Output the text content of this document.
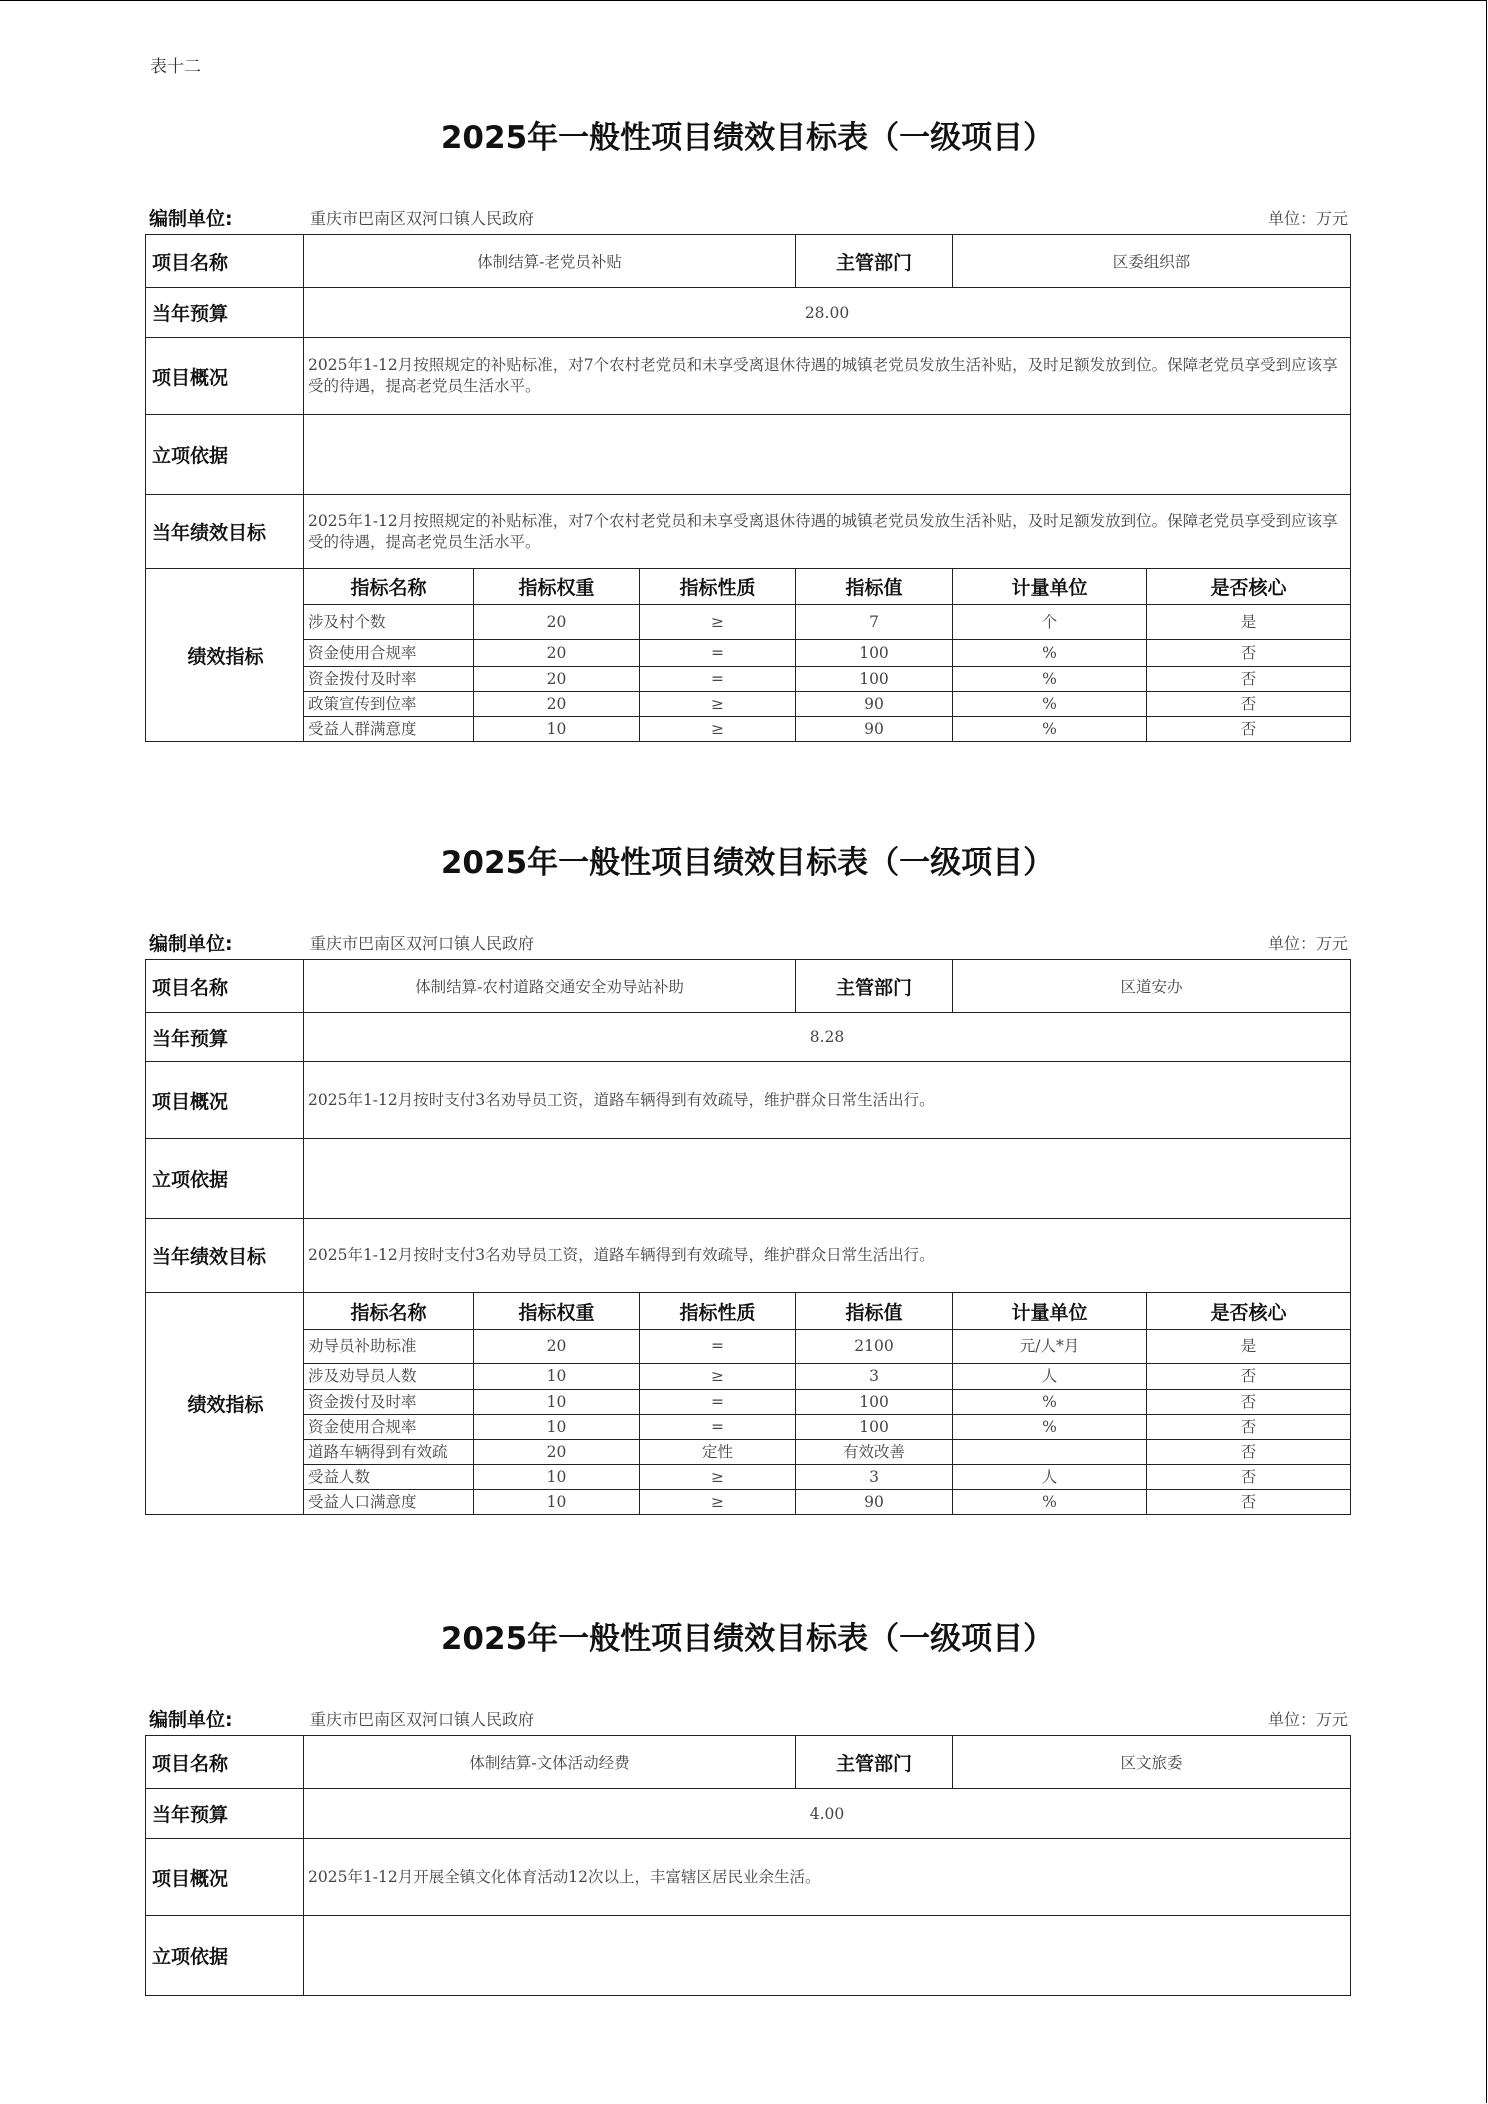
表十二
2025年一般性项目绩效目标表（一级项目）
编制单位:	重庆市巴南区双河口镇人民政府	单位：万元
项目名称	体制结算-老党员补贴			主管部门	区委组织部	
当年预算	28.00					
项目概况	2025年1-12月按照规定的补贴标准，对7个农村老党员和未享受离退休待遇的城镇老党员发放生活补贴，及时足额发放到位。保障老党员享受到应该享受的待遇，提高老党员生活水平。					
立项依据						
当年绩效目标	2025年1-12月按照规定的补贴标准，对7个农村老党员和未享受离退休待遇的城镇老党员发放生活补贴，及时足额发放到位。保障老党员享受到应该享受的待遇，提高老党员生活水平。					
绩效指标	指标名称	指标权重	指标性质	指标值	计量单位	是否核心
	涉及村个数	20	≥	7	个	是
	资金使用合规率	20	=	100	%	否
	资金拨付及时率	20	=	100	%	否
	政策宣传到位率	20	≥	90	%	否
	受益人群满意度	10	≥	90	%	否
2025年一般性项目绩效目标表（一级项目）
编制单位:	重庆市巴南区双河口镇人民政府	单位：万元
项目名称	体制结算-农村道路交通安全劝导站补助			主管部门	区道安办	
当年预算	8.28					
项目概况	2025年1-12月按时支付3名劝导员工资，道路车辆得到有效疏导，维护群众日常生活出行。					
立项依据						
当年绩效目标	2025年1-12月按时支付3名劝导员工资，道路车辆得到有效疏导，维护群众日常生活出行。					
绩效指标	指标名称	指标权重	指标性质	指标值	计量单位	是否核心
	劝导员补助标准	20	=	2100	元/人*月	是
	涉及劝导员人数	10	≥	3	人	否
	资金拨付及时率	10	=	100	%	否
	资金使用合规率	10	=	100	%	否
	道路车辆得到有效疏	20	定性	有效改善		否
	受益人数	10	≥	3	人	否
	受益人口满意度	10	≥	90	%	否
2025年一般性项目绩效目标表（一级项目）
编制单位:	重庆市巴南区双河口镇人民政府	单位：万元
项目名称	体制结算-文体活动经费	主管部门	区文旅委
当年预算	4.00		
项目概况	2025年1-12月开展全镇文化体育活动12次以上，丰富辖区居民业余生活。		
立项依据			
